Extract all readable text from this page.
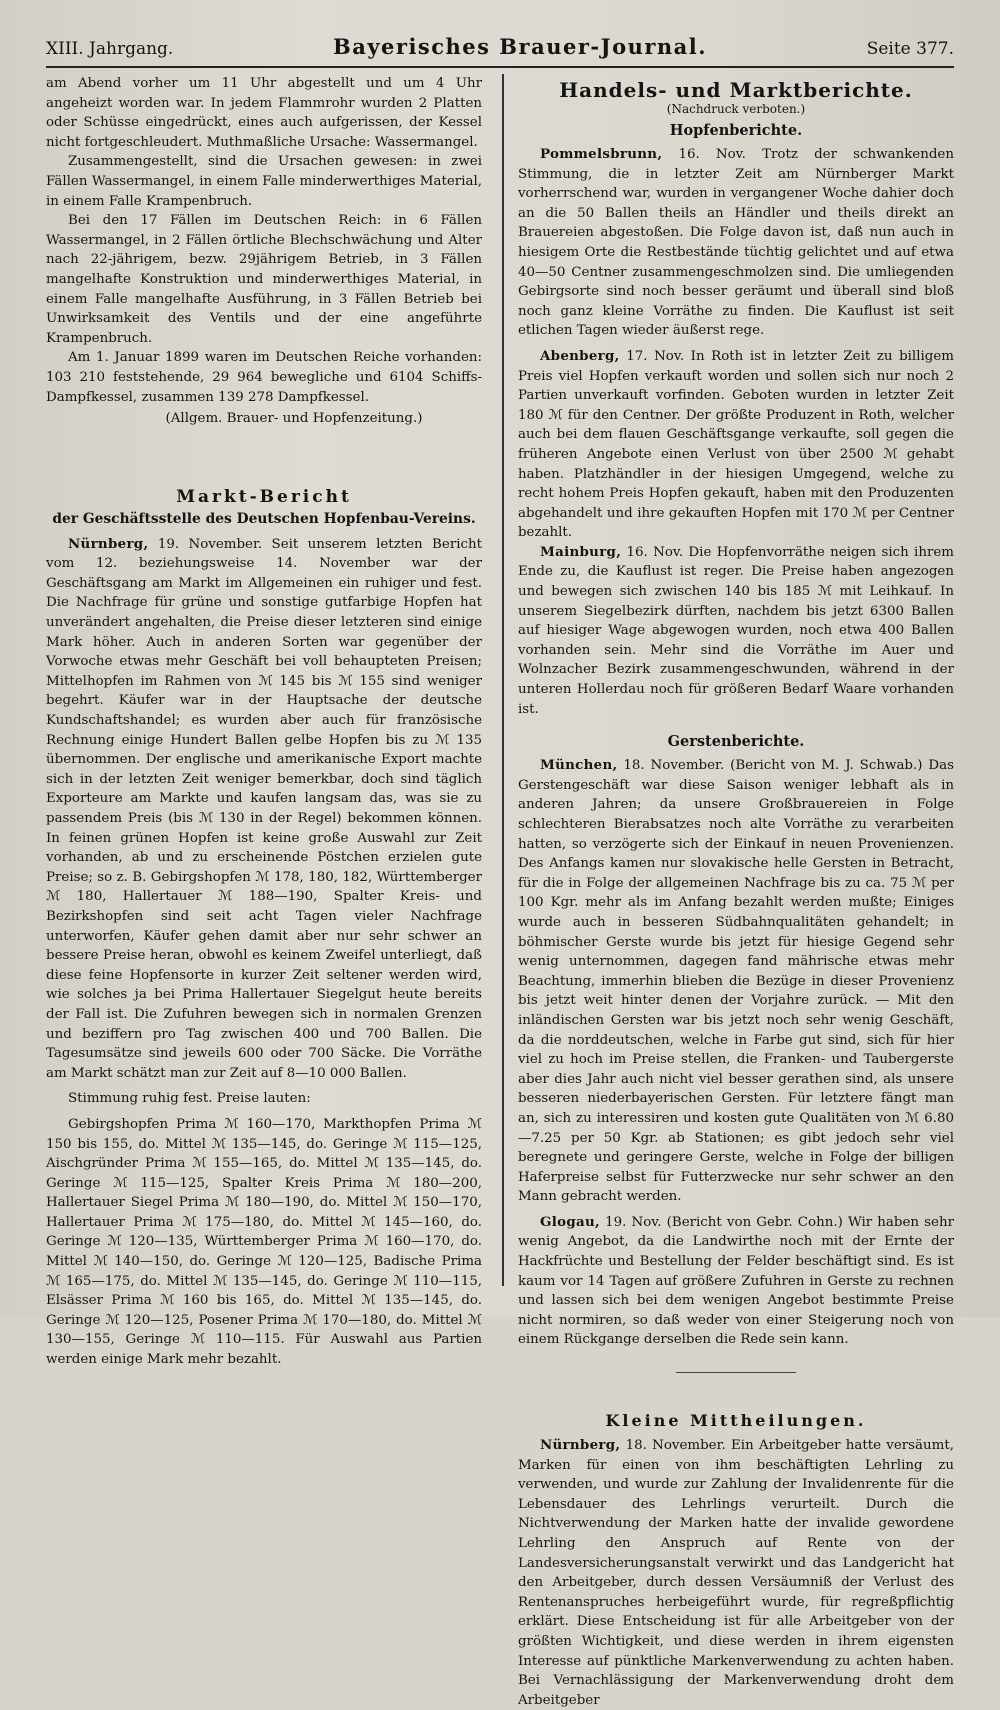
XIII. Jahrgang.	Bayerisches Brauer-Journal.	Seite 377.

am Abend vorher um 11 Uhr abgestellt und um 4 Uhr angeheizt worden war. In jedem Flammrohr wurden 2 Platten oder Schüsse eingedrückt, eines auch aufgerissen, der Kessel nicht fortgeschleudert. Muthmaßliche Ursache: Wassermangel.

Zusammengestellt, sind die Ursachen gewesen: in zwei Fällen Wassermangel, in einem Falle minderwerthiges Material, in einem Falle Krampenbruch.

Bei den 17 Fällen im Deutschen Reich: in 6 Fällen Wassermangel, in 2 Fällen örtliche Blechschwächung und Alter nach 22-jährigem, bezw. 29jährigem Betrieb, in 3 Fällen mangelhafte Konstruktion und minderwerthiges Material, in einem Falle mangelhafte Ausführung, in 3 Fällen Betrieb bei Unwirksamkeit des Ventils und der eine angeführte Krampenbruch.

Am 1. Januar 1899 waren im Deutschen Reiche vorhanden: 103 210 feststehende, 29 964 bewegliche und 6104 Schiffs-Dampfkessel, zusammen 139 278 Dampfkessel.

(Allgem. Brauer- und Hopfenzeitung.)
Markt-Bericht
der Geschäftsstelle des Deutschen Hopfenbau-Vereins.

Nürnberg, 19. November. Seit unserem letzten Bericht vom 12. beziehungsweise 14. November war der Geschäftsgang am Markt im Allgemeinen ein ruhiger und fest. Die Nachfrage für grüne und sonstige gutfarbige Hopfen hat unverändert angehalten, die Preise dieser letzteren sind einige Mark höher. Auch in anderen Sorten war gegenüber der Vorwoche etwas mehr Geschäft bei voll behaupteten Preisen; Mittelhopfen im Rahmen von ℳ 145 bis ℳ 155 sind weniger begehrt. Käufer war in der Hauptsache der deutsche Kundschaftshandel; es wurden aber auch für französische Rechnung einige Hundert Ballen gelbe Hopfen bis zu ℳ 135 übernommen. Der englische und amerikanische Export machte sich in der letzten Zeit weniger bemerkbar, doch sind täglich Exporteure am Markte und kaufen langsam das, was sie zu passendem Preis (bis ℳ 130 in der Regel) bekommen können. In feinen grünen Hopfen ist keine große Auswahl zur Zeit vorhanden, ab und zu erscheinende Pöstchen erzielen gute Preise; so z. B. Gebirgshopfen ℳ 178, 180, 182, Württemberger ℳ 180, Hallertauer ℳ 188—190, Spalter Kreis- und Bezirkshopfen sind seit acht Tagen vieler Nachfrage unterworfen, Käufer gehen damit aber nur sehr schwer an bessere Preise heran, obwohl es keinem Zweifel unterliegt, daß diese feine Hopfensorte in kurzer Zeit seltener werden wird, wie solches ja bei Prima Hallertauer Siegelgut heute bereits der Fall ist. Die Zufuhren bewegen sich in normalen Grenzen und beziffern pro Tag zwischen 400 und 700 Ballen. Die Tagesumsätze sind jeweils 600 oder 700 Säcke. Die Vorräthe am Markt schätzt man zur Zeit auf 8—10 000 Ballen.

Stimmung ruhig fest. Preise lauten:

Gebirgshopfen Prima ℳ 160—170, Markthopfen Prima ℳ 150 bis 155, do. Mittel ℳ 135—145, do. Geringe ℳ 115—125, Aischgründer Prima ℳ 155—165, do. Mittel ℳ 135—145, do. Geringe ℳ 115—125, Spalter Kreis Prima ℳ 180—200, Hallertauer Siegel Prima ℳ 180—190, do. Mittel ℳ 150—170, Hallertauer Prima ℳ 175—180, do. Mittel ℳ 145—160, do. Geringe ℳ 120—135, Württemberger Prima ℳ 160—170, do. Mittel ℳ 140—150, do. Geringe ℳ 120—125, Badische Prima ℳ 165—175, do. Mittel ℳ 135—145, do. Geringe ℳ 110—115, Elsässer Prima ℳ 160 bis 165, do. Mittel ℳ 135—145, do. Geringe ℳ 120—125, Posener Prima ℳ 170—180, do. Mittel ℳ 130—155, Geringe ℳ 110—115. Für Auswahl aus Partien werden einige Mark mehr bezahlt.

Handels- und Marktberichte.
(Nachdruck verboten.)
Hopfenberichte.

Pommelsbrunn, 16. Nov. Trotz der schwankenden Stimmung, die in letzter Zeit am Nürnberger Markt vorherrschend war, wurden in vergangener Woche dahier doch an die 50 Ballen theils an Händler und theils direkt an Brauereien abgestoßen. Die Folge davon ist, daß nun auch in hiesigem Orte die Restbestände tüchtig gelichtet und auf etwa 40—50 Centner zusammengeschmolzen sind. Die umliegenden Gebirgsorte sind noch besser geräumt und überall sind bloß noch ganz kleine Vorräthe zu finden. Die Kauflust ist seit etlichen Tagen wieder äußerst rege.

Abenberg, 17. Nov. In Roth ist in letzter Zeit zu billigem Preis viel Hopfen verkauft worden und sollen sich nur noch 2 Partien unverkauft vorfinden. Geboten wurden in letzter Zeit 180 ℳ für den Centner. Der größte Produzent in Roth, welcher auch bei dem flauen Geschäftsgange verkaufte, soll gegen die früheren Angebote einen Verlust von über 2500 ℳ gehabt haben. Platzhändler in der hiesigen Umgegend, welche zu recht hohem Preis Hopfen gekauft, haben mit den Produzenten abgehandelt und ihre gekauften Hopfen mit 170 ℳ per Centner bezahlt.

Mainburg, 16. Nov. Die Hopfenvorräthe neigen sich ihrem Ende zu, die Kauflust ist reger. Die Preise haben angezogen und bewegen sich zwischen 140 bis 185 ℳ mit Leihkauf. In unserem Siegelbezirk dürften, nachdem bis jetzt 6300 Ballen auf hiesiger Wage abgewogen wurden, noch etwa 400 Ballen vorhanden sein. Mehr sind die Vorräthe im Auer und Wolnzacher Bezirk zusammengeschwunden, während in der unteren Hollerdau noch für größeren Bedarf Waare vorhanden ist.

Gerstenberichte.

München, 18. November. (Bericht von M. J. Schwab.) Das Gerstengeschäft war diese Saison weniger lebhaft als in anderen Jahren; da unsere Großbrauereien in Folge schlechteren Bierabsatzes noch alte Vorräthe zu verarbeiten hatten, so verzögerte sich der Einkauf in neuen Provenienzen. Des Anfangs kamen nur slovakische helle Gersten in Betracht, für die in Folge der allgemeinen Nachfrage bis zu ca. 75 ℳ per 100 Kgr. mehr als im Anfang bezahlt werden mußte; Einiges wurde auch in besseren Südbahnqualitäten gehandelt; in böhmischer Gerste wurde bis jetzt für hiesige Gegend sehr wenig unternommen, dagegen fand mährische etwas mehr Beachtung, immerhin blieben die Bezüge in dieser Provenienz bis jetzt weit hinter denen der Vorjahre zurück. — Mit den inländischen Gersten war bis jetzt noch sehr wenig Geschäft, da die norddeutschen, welche in Farbe gut sind, sich für hier viel zu hoch im Preise stellen, die Franken- und Taubergerste aber dies Jahr auch nicht viel besser gerathen sind, als unsere besseren niederbayerischen Gersten. Für letztere fängt man an, sich zu interessiren und kosten gute Qualitäten von ℳ 6.80—7.25 per 50 Kgr. ab Stationen; es gibt jedoch sehr viel beregnete und geringere Gerste, welche in Folge der billigen Haferpreise selbst für Futterzwecke nur sehr schwer an den Mann gebracht werden.

Glogau, 19. Nov. (Bericht von Gebr. Cohn.) Wir haben sehr wenig Angebot, da die Landwirthe noch mit der Ernte der Hackfrüchte und Bestellung der Felder beschäftigt sind. Es ist kaum vor 14 Tagen auf größere Zufuhren in Gerste zu rechnen und lassen sich bei dem wenigen Angebot bestimmte Preise nicht normiren, so daß weder von einer Steigerung noch von einem Rückgange derselben die Rede sein kann.

Kleine Mittheilungen.

Nürnberg, 18. November. Ein Arbeitgeber hatte versäumt, Marken für einen von ihm beschäftigten Lehrling zu verwenden, und wurde zur Zahlung der Invalidenrente für die Lebensdauer des Lehrlings verurteilt. Durch die Nichtverwendung der Marken hatte der invalide gewordene Lehrling den Anspruch auf Rente von der Landesversicherungsanstalt verwirkt und das Landgericht hat den Arbeitgeber, durch dessen Versäumniß der Verlust des Rentenanspruches herbeigeführt wurde, für regreßpflichtig erklärt. Diese Entscheidung ist für alle Arbeitgeber von der größten Wichtigkeit, und diese werden in ihrem eigensten Interesse auf pünktliche Markenverwendung zu achten haben. Bei Vernachlässigung der Markenverwendung droht dem Arbeitgeber
